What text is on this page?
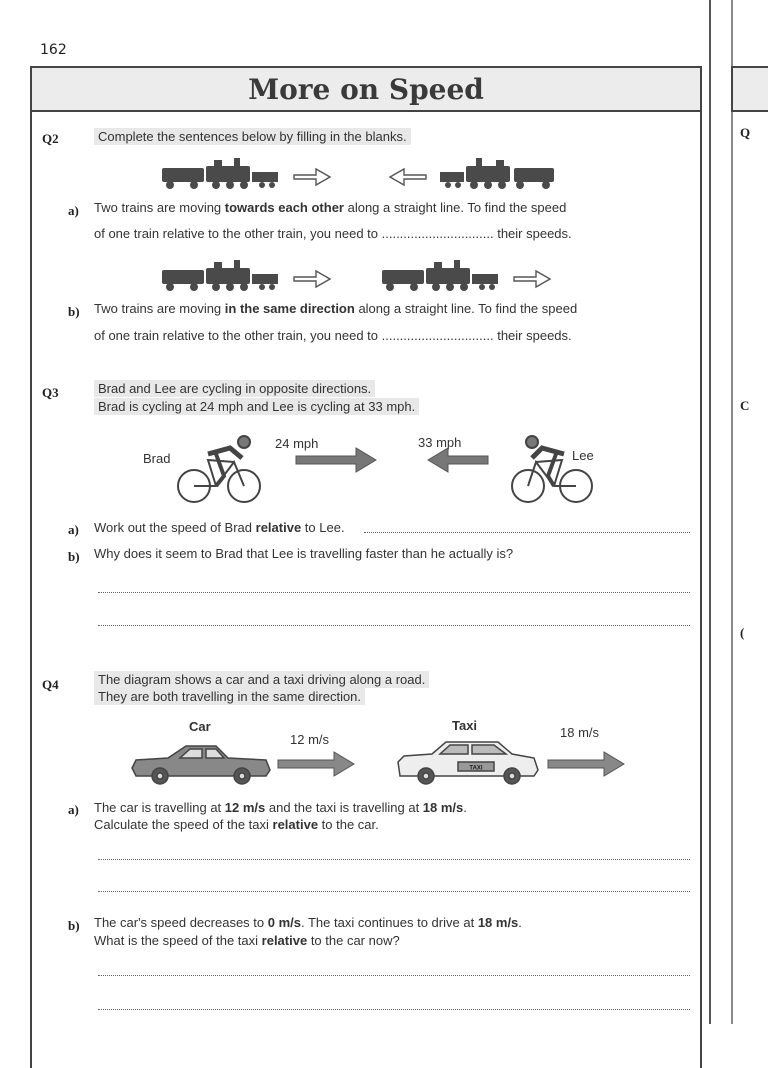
162
More on Speed
Q2	Complete the sentences below by filling in the blanks.
a) Two trains are moving towards each other along a straight line. To find the speed
of one train relative to the other train, you need to ............................... their speeds.
b) Two trains are moving in the same direction along a straight line. To find the speed
of one train relative to the other train, you need to ............................... their speeds.
Q3	Brad and Lee are cycling in opposite directions.
Brad is cycling at 24 mph and Lee is cycling at 33 mph.
Brad
24 mph	33 mph
Lee
a) Work out the speed of Brad relative to Lee.
b) Why does it seem to Brad that Lee is travelling faster than he actually is?
Q4	The diagram shows a car and a taxi driving along a road.
They are both travelling in the same direction.
Car	Taxi
12 m/s	18 m/s
TAXI
a) The car is travelling at 12 m/s and the taxi is travelling at 18 m/s.
Calculate the speed of the taxi relative to the car.
b) The car's speed decreases to 0 m/s. The taxi continues to drive at 18 m/s.
What is the speed of the taxi relative to the car now?
Q
C
(
